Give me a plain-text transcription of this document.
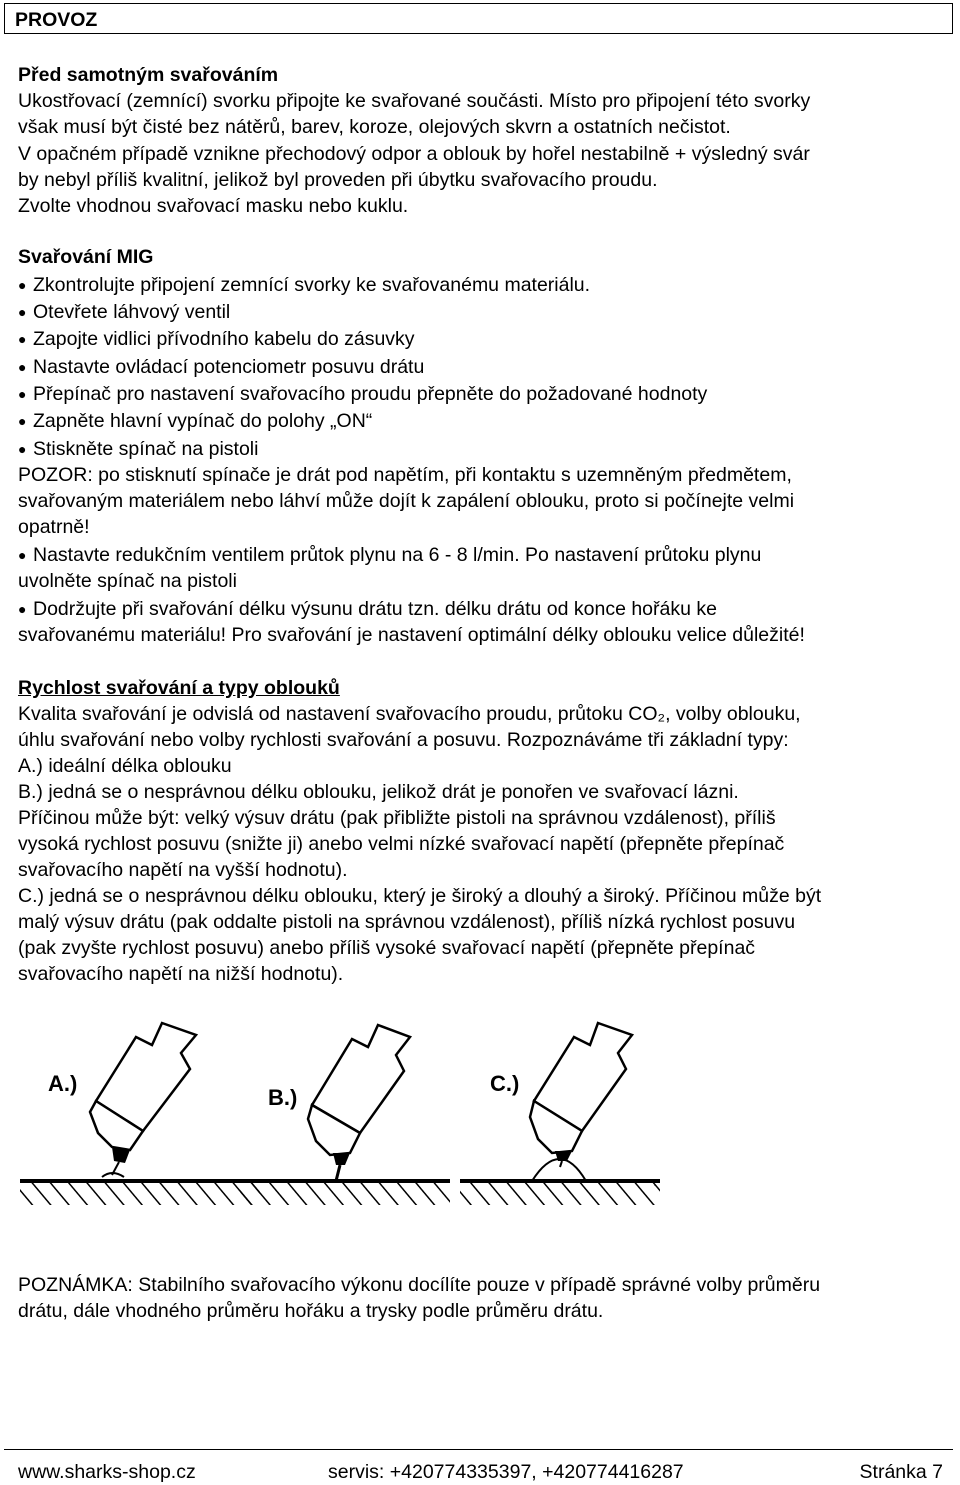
PROVOZ

Před samotným svařováním

Ukostřovací (zemnící) svorku připojte ke svařované součásti. Místo pro připojení této svorky

však musí být čisté bez nátěrů, barev, koroze, olejových skvrn a ostatních nečistot.

V opačném případě vznikne přechodový odpor a oblouk by hořel nestabilně + výsledný svár

by nebyl příliš kvalitní, jelikož byl proveden při úbytku svařovacího proudu.

Zvolte vhodnou svařovací masku nebo kuklu.

Svařování MIG

● Zkontrolujte připojení zemnící svorky ke svařovanému materiálu.

● Otevřete láhvový ventil

● Zapojte vidlici přívodního kabelu do zásuvky

● Nastavte ovládací potenciometr posuvu drátu

● Přepínač pro nastavení svařovacího proudu přepněte do požadované hodnoty

● Zapněte hlavní vypínač do polohy „ON“

● Stiskněte spínač na pistoli

POZOR: po stisknutí spínače je drát pod napětím, při kontaktu s uzemněným předmětem,

svařovaným materiálem nebo láhví může dojít k zapálení oblouku, proto si počínejte velmi

opatrně!

● Nastavte redukčním ventilem průtok plynu na 6 - 8 l/min. Po nastavení průtoku plynu

uvolněte spínač na pistoli

● Dodržujte při svařování délku výsunu drátu tzn. délku drátu od konce hořáku ke

svařovanému materiálu! Pro svařování je nastavení optimální délky oblouku velice důležité!

Rychlost svařování a typy oblouků

Kvalita svařování je odvislá od nastavení svařovacího proudu, průtoku CO₂, volby oblouku,

úhlu svařování nebo volby rychlosti svařování a posuvu. Rozpoznáváme tři základní typy:

A.) ideální délka oblouku

B.) jedná se o nesprávnou délku oblouku, jelikož drát je ponořen ve svařovací lázni.

Příčinou může být: velký výsuv drátu (pak přibližte pistoli na správnou vzdálenost), příliš

vysoká rychlost posuvu (snižte ji) anebo velmi nízké svařovací napětí (přepněte přepínač

svařovacího napětí na vyšší hodnotu).

C.) jedná se o nesprávnou délku oblouku, který je široký a dlouhý a široký. Příčinou může být

malý výsuv drátu (pak oddalte pistoli na správnou vzdálenost), příliš nízká rychlost posuvu

(pak zvyšte rychlost posuvu) anebo příliš vysoké svařovací napětí (přepněte přepínač

svařovacího napětí na nižší hodnotu).

A.)
B.)
C.)

POZNÁMKA: Stabilního svařovacího výkonu docílíte pouze v případě správné volby průměru

drátu, dále vhodného průměru hořáku a trysky podle průměru drátu.

www.sharks-shop.cz	servis: +420774335397, +420774416287	Stránka 7
